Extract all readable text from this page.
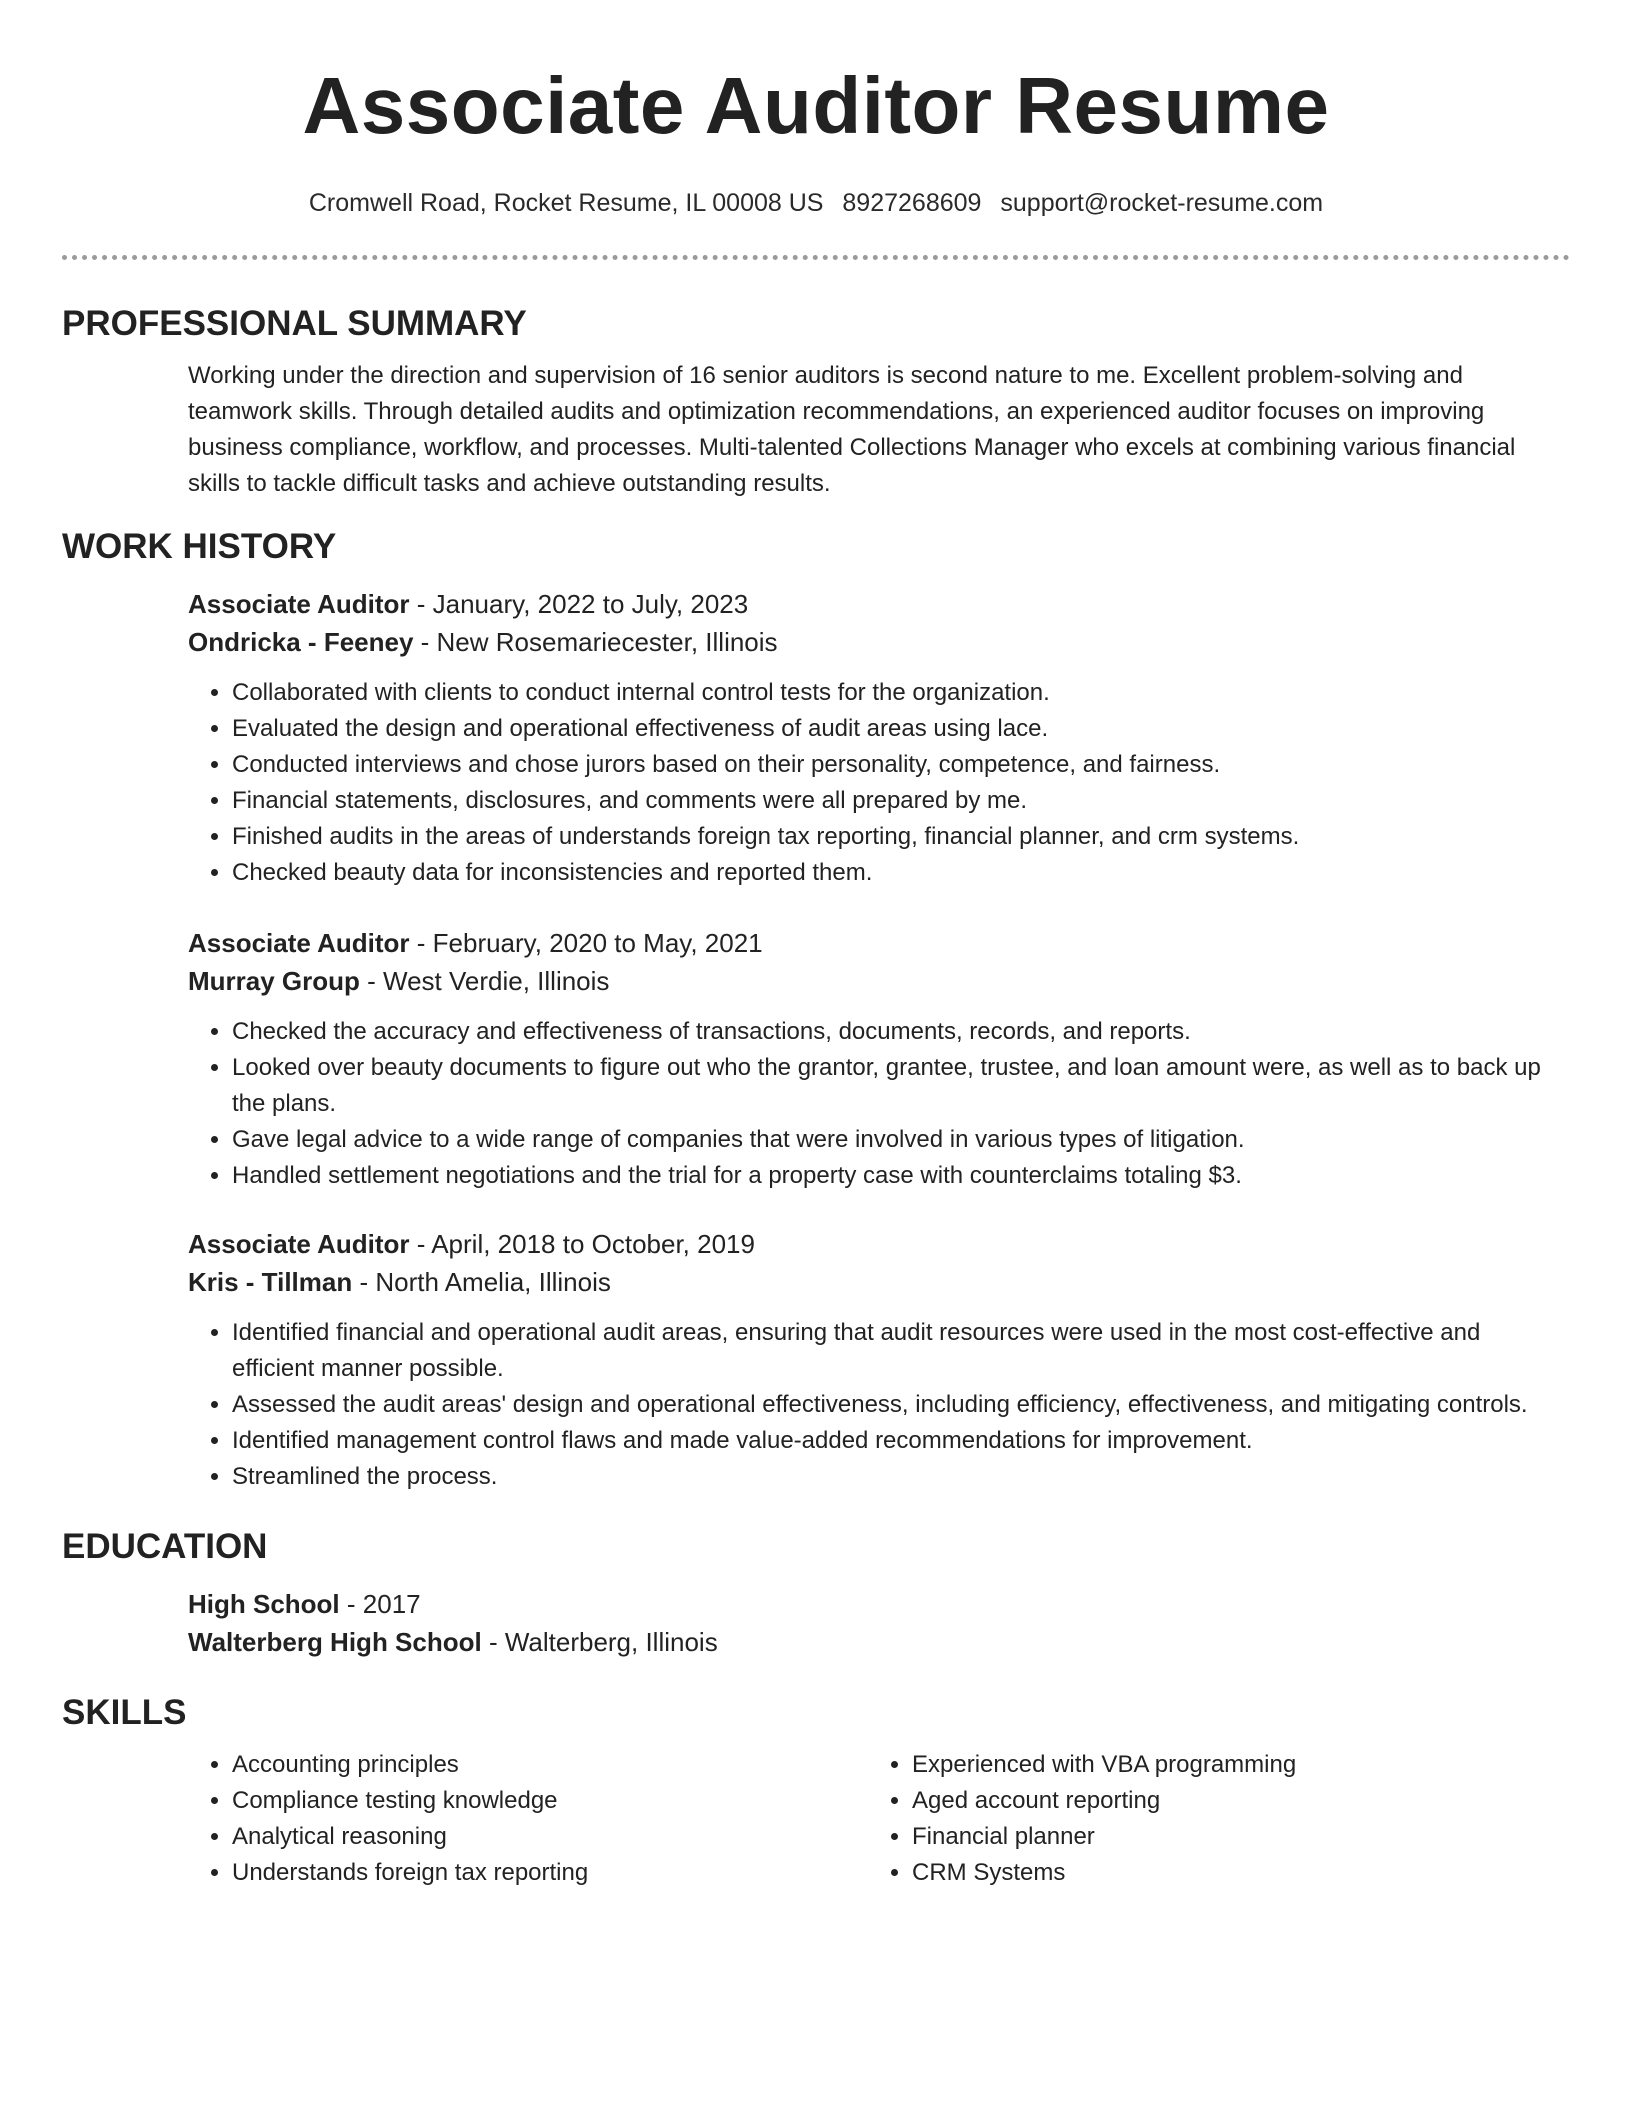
Associate Auditor Resume
Cromwell Road, Rocket Resume, IL 00008 US 8927268609 support@rocket-resume.com
PROFESSIONAL SUMMARY
Working under the direction and supervision of 16 senior auditors is second nature to me. Excellent problem-solving and teamwork skills. Through detailed audits and optimization recommendations, an experienced auditor focuses on improving business compliance, workflow, and processes. Multi-talented Collections Manager who excels at combining various financial skills to tackle difficult tasks and achieve outstanding results.
WORK HISTORY
Associate Auditor - January, 2022 to July, 2023
Ondricka - Feeney - New Rosemariecester, Illinois
• Collaborated with clients to conduct internal control tests for the organization.
• Evaluated the design and operational effectiveness of audit areas using lace.
• Conducted interviews and chose jurors based on their personality, competence, and fairness.
• Financial statements, disclosures, and comments were all prepared by me.
• Finished audits in the areas of understands foreign tax reporting, financial planner, and crm systems.
• Checked beauty data for inconsistencies and reported them.
Associate Auditor - February, 2020 to May, 2021
Murray Group - West Verdie, Illinois
• Checked the accuracy and effectiveness of transactions, documents, records, and reports.
• Looked over beauty documents to figure out who the grantor, grantee, trustee, and loan amount were, as well as to back up the plans.
• Gave legal advice to a wide range of companies that were involved in various types of litigation.
• Handled settlement negotiations and the trial for a property case with counterclaims totaling $3.
Associate Auditor - April, 2018 to October, 2019
Kris - Tillman - North Amelia, Illinois
• Identified financial and operational audit areas, ensuring that audit resources were used in the most cost-effective and efficient manner possible.
• Assessed the audit areas' design and operational effectiveness, including efficiency, effectiveness, and mitigating controls.
• Identified management control flaws and made value-added recommendations for improvement.
• Streamlined the process.
EDUCATION
High School - 2017
Walterberg High School - Walterberg, Illinois
SKILLS
• Accounting principles
• Compliance testing knowledge
• Analytical reasoning
• Understands foreign tax reporting
• Experienced with VBA programming
• Aged account reporting
• Financial planner
• CRM Systems
